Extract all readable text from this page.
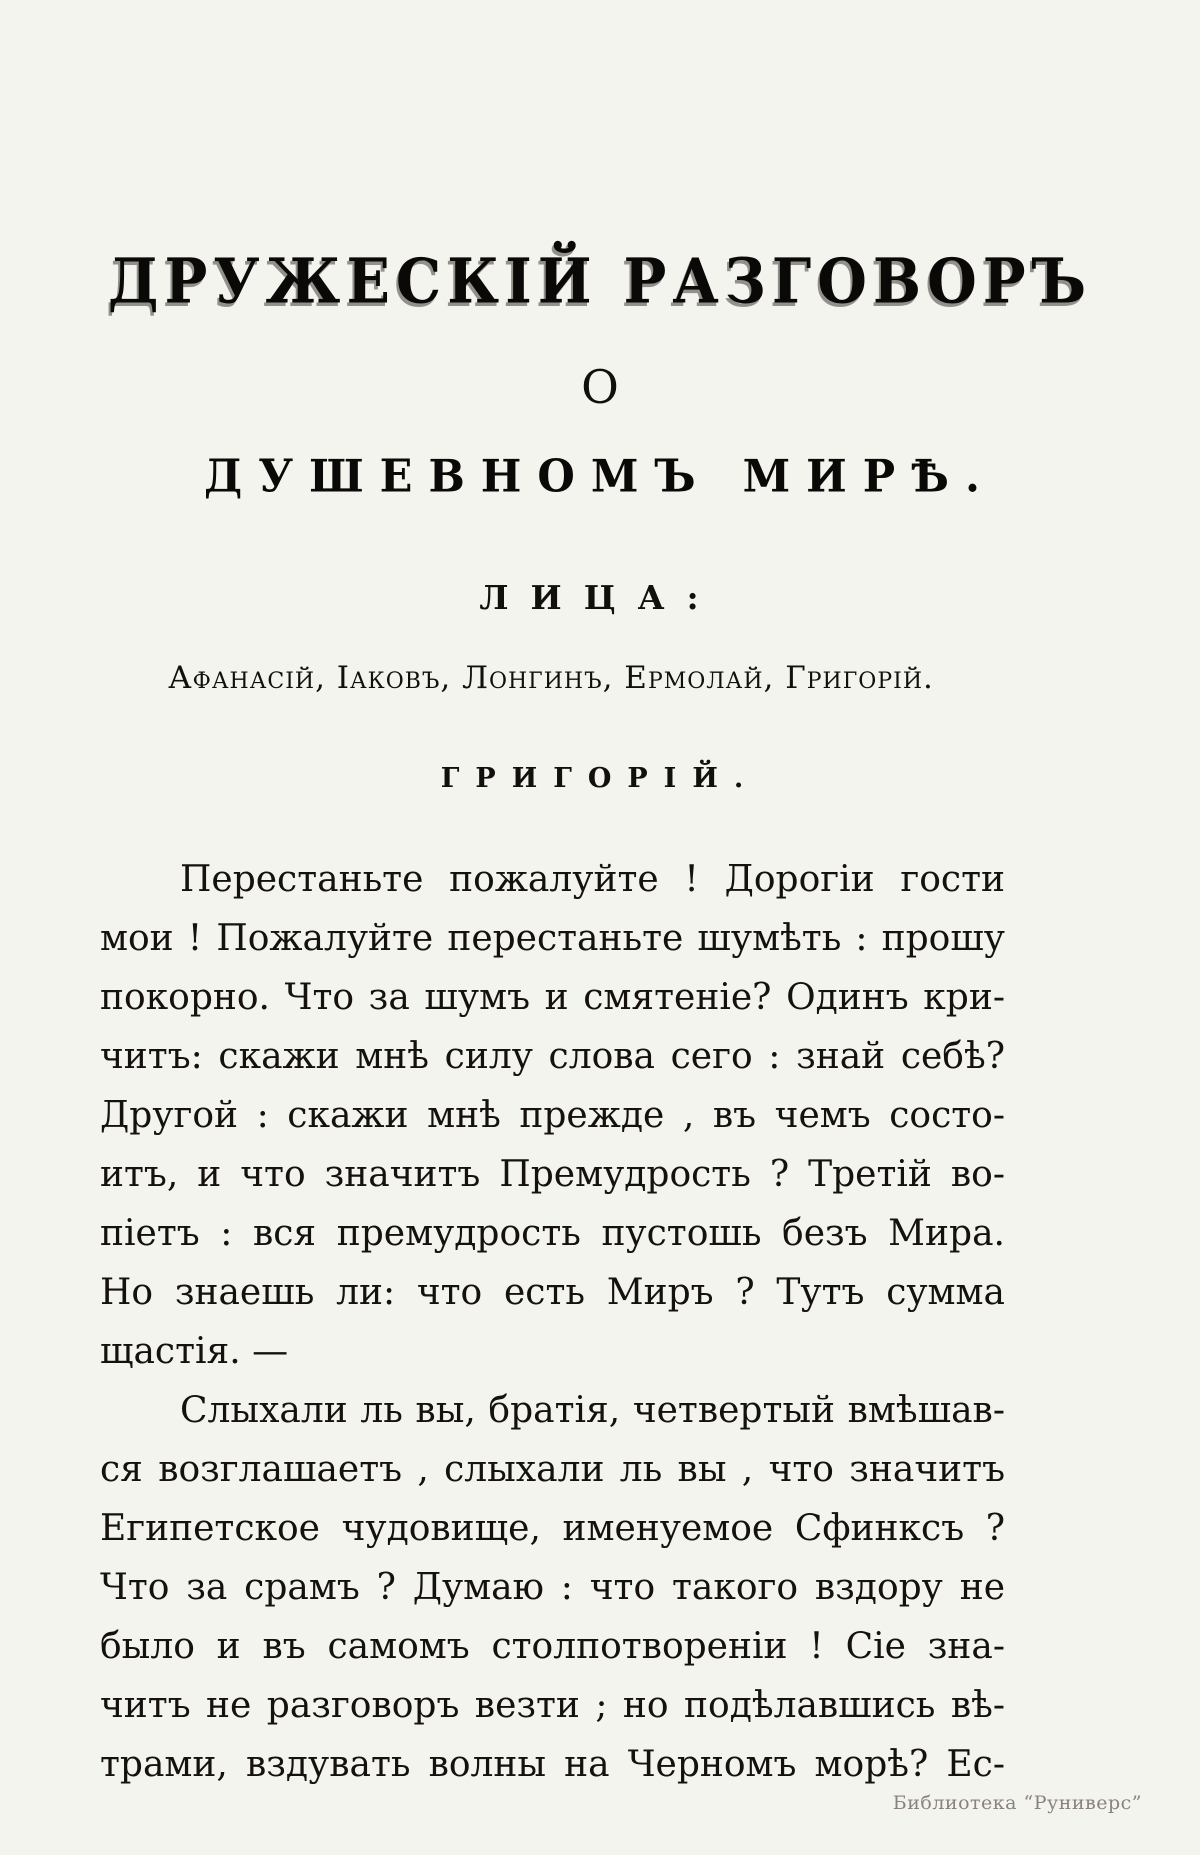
ДРУЖЕСКІЙ РАЗГОВОРЪ
О
ДУШЕВНОМЪ МИРѢ.
ЛИЦА:
Афанасій, Іаковъ, Лонгинъ, Ермолай, Григорій.
ГРИГОРІЙ.
Перестаньте пожалуйте ! Дорогіи гости
мои ! Пожалуйте перестаньте шумѣть : прошу
покорно. Что за шумъ и смятеніе? Одинъ кри-
читъ: скажи мнѣ силу слова сего : знай себѣ?
Другой : скажи мнѣ прежде , въ чемъ состо-
итъ, и что значитъ Премудрость ? Третій во-
піетъ : вся премудрость пустошь безъ Мира.
Но знаешь ли: что есть Миръ ? Тутъ сумма
щастія. —
Слыхали ль вы, братія, четвертый вмѣшав-
ся возглашаетъ , слыхали ль вы , что значитъ
Египетское чудовище, именуемое Сфинксъ ?
Что за срамъ ? Думаю : что такого вздору не
было и въ самомъ столпотвореніи ! Сіе зна-
читъ не разговоръ везти ; но подѣлавшись вѣ-
трами, вздувать волны на Черномъ морѣ? Ес-
Библиотека “Руниверс”
